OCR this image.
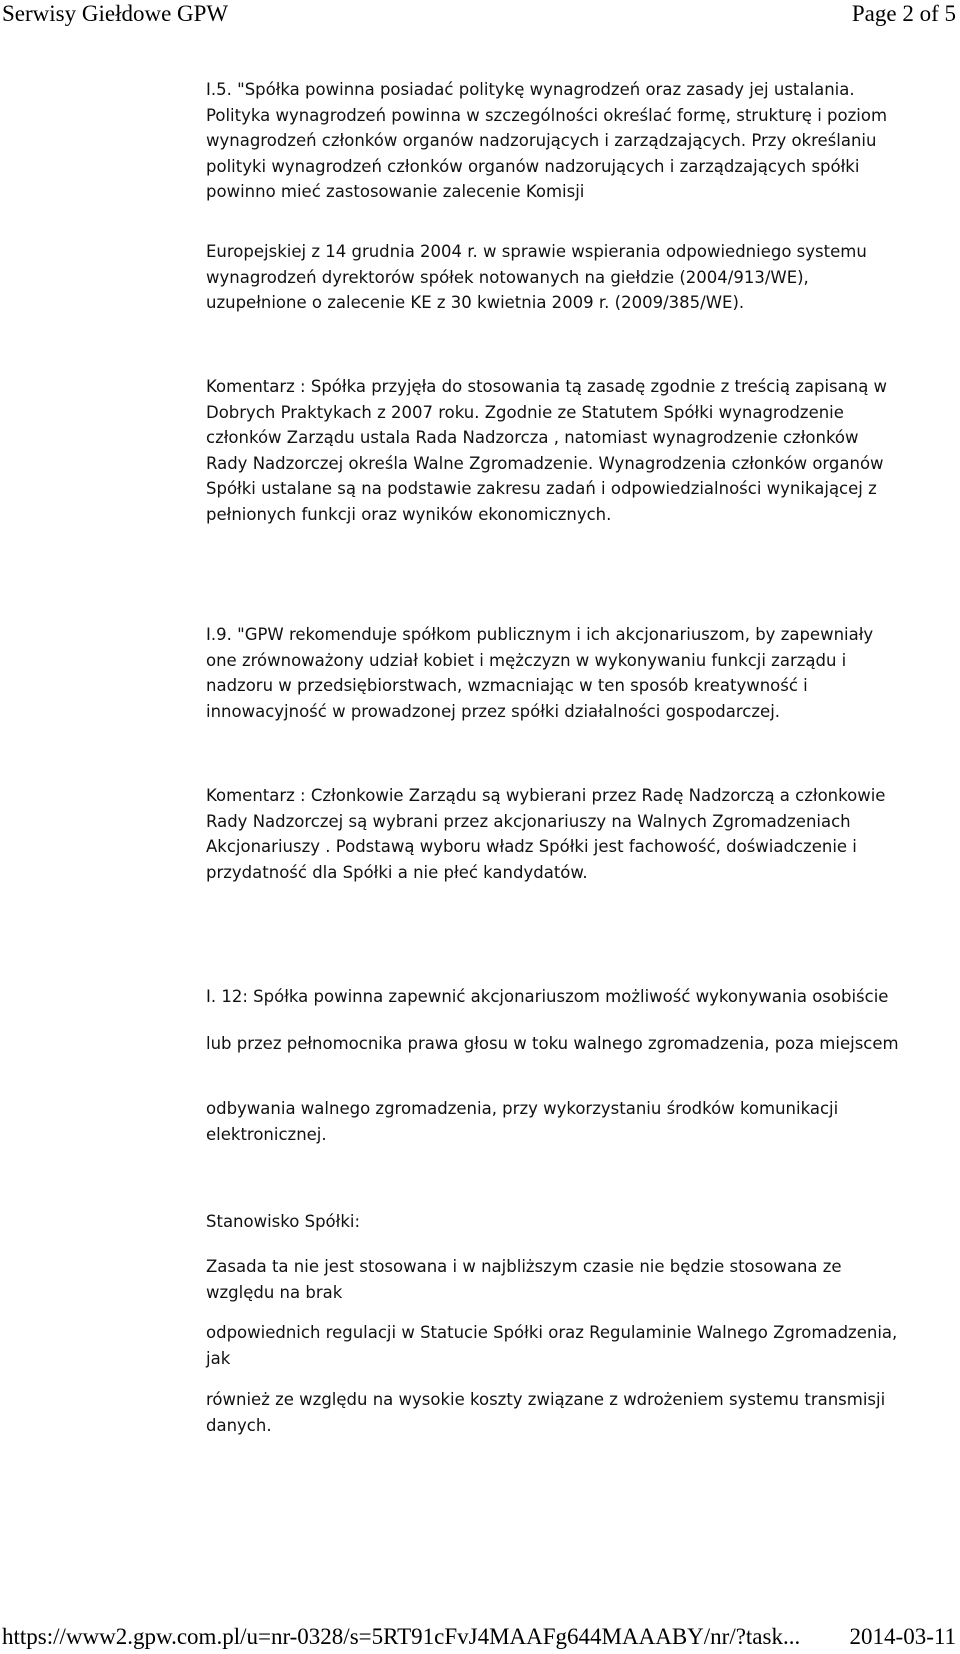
Serwisy Giełdowe GPW	Page 2 of 5
I.5. "Spółka powinna posiadać politykę wynagrodzeń oraz zasady jej ustalania.
Polityka wynagrodzeń powinna w szczególności określać formę, strukturę i poziom
wynagrodzeń członków organów nadzorujących i zarządzających. Przy określaniu
polityki wynagrodzeń członków organów nadzorujących i zarządzających spółki
powinno mieć zastosowanie zalecenie Komisji
Europejskiej z 14 grudnia 2004 r. w sprawie wspierania odpowiedniego systemu
wynagrodzeń dyrektorów spółek notowanych na giełdzie (2004/913/WE),
uzupełnione o zalecenie KE z 30 kwietnia 2009 r. (2009/385/WE).
Komentarz : Spółka przyjęła do stosowania tą zasadę zgodnie z treścią zapisaną w
Dobrych Praktykach z 2007 roku. Zgodnie ze Statutem Spółki wynagrodzenie
członków Zarządu ustala Rada Nadzorcza , natomiast wynagrodzenie członków
Rady Nadzorczej określa Walne Zgromadzenie. Wynagrodzenia członków organów
Spółki ustalane są na podstawie zakresu zadań i odpowiedzialności wynikającej z
pełnionych funkcji oraz wyników ekonomicznych.
I.9. "GPW rekomenduje spółkom publicznym i ich akcjonariuszom, by zapewniały
one zrównoważony udział kobiet i mężczyzn w wykonywaniu funkcji zarządu i
nadzoru w przedsiębiorstwach, wzmacniając w ten sposób kreatywność i
innowacyjność w prowadzonej przez spółki działalności gospodarczej.
Komentarz : Członkowie Zarządu są wybierani przez Radę Nadzorczą a członkowie
Rady Nadzorczej są wybrani przez akcjonariuszy na Walnych Zgromadzeniach
Akcjonariuszy . Podstawą wyboru władz Spółki jest fachowość, doświadczenie i
przydatność dla Spółki a nie płeć kandydatów.
I. 12: Spółka powinna zapewnić akcjonariuszom możliwość wykonywania osobiście
lub przez pełnomocnika prawa głosu w toku walnego zgromadzenia, poza miejscem
odbywania walnego zgromadzenia, przy wykorzystaniu środków komunikacji
elektronicznej.
Stanowisko Spółki:
Zasada ta nie jest stosowana i w najbliższym czasie nie będzie stosowana ze
względu na brak
odpowiednich regulacji w Statucie Spółki oraz Regulaminie Walnego Zgromadzenia,
jak
również ze względu na wysokie koszty związane z wdrożeniem systemu transmisji
danych.
https://www2.gpw.com.pl/u=nr-0328/s=5RT91cFvJ4MAAFg644MAAABY/nr/?task... 2014-03-11
